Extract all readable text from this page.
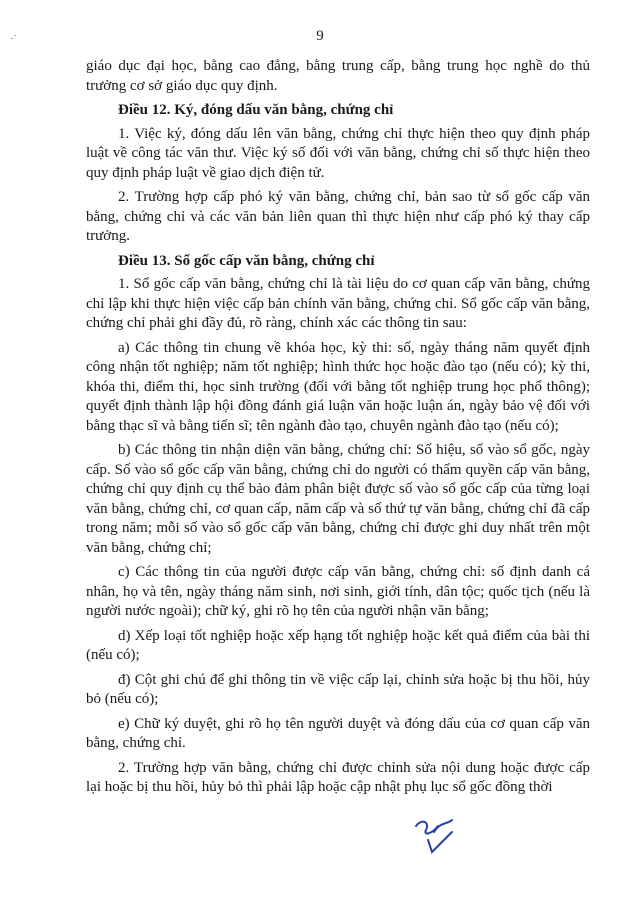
·˙	9

giáo dục đại học, bằng cao đẳng, bằng trung cấp, bằng trung học nghề do thủ trưởng cơ sở giáo dục quy định.

Điều 12. Ký, đóng dấu văn bằng, chứng chỉ

1. Việc ký, đóng dấu lên văn bằng, chứng chỉ thực hiện theo quy định pháp luật về công tác văn thư. Việc ký số đối với văn bằng, chứng chỉ số thực hiện theo quy định pháp luật về giao dịch điện tử.

2. Trường hợp cấp phó ký văn bằng, chứng chỉ, bản sao từ sổ gốc cấp văn bằng, chứng chỉ và các văn bản liên quan thì thực hiện như cấp phó ký thay cấp trưởng.

Điều 13. Sổ gốc cấp văn bằng, chứng chỉ

1. Sổ gốc cấp văn bằng, chứng chỉ là tài liệu do cơ quan cấp văn bằng, chứng chỉ lập khi thực hiện việc cấp bản chính văn bằng, chứng chỉ. Sổ gốc cấp văn bằng, chứng chỉ phải ghi đầy đủ, rõ ràng, chính xác các thông tin sau:

a) Các thông tin chung về khóa học, kỳ thi: số, ngày tháng năm quyết định công nhận tốt nghiệp; năm tốt nghiệp; hình thức học hoặc đào tạo (nếu có); kỳ thi, khóa thi, điểm thi, học sinh trường (đối với bằng tốt nghiệp trung học phổ thông); quyết định thành lập hội đồng đánh giá luận văn hoặc luận án, ngày bảo vệ đối với bằng thạc sĩ và bằng tiến sĩ; tên ngành đào tạo, chuyên ngành đào tạo (nếu có);

b) Các thông tin nhận diện văn bằng, chứng chỉ: Số hiệu, số vào sổ gốc, ngày cấp. Số vào sổ gốc cấp văn bằng, chứng chỉ do người có thẩm quyền cấp văn bằng, chứng chỉ quy định cụ thể bảo đảm phân biệt được số vào sổ gốc cấp của từng loại văn bằng, chứng chỉ, cơ quan cấp, năm cấp và số thứ tự văn bằng, chứng chỉ đã cấp trong năm; mỗi số vào sổ gốc cấp văn bằng, chứng chỉ được ghi duy nhất trên một văn bằng, chứng chỉ;

c) Các thông tin của người được cấp văn bằng, chứng chỉ: số định danh cá nhân, họ và tên, ngày tháng năm sinh, nơi sinh, giới tính, dân tộc; quốc tịch (nếu là người nước ngoài); chữ ký, ghi rõ họ tên của người nhận văn bằng;

d) Xếp loại tốt nghiệp hoặc xếp hạng tốt nghiệp hoặc kết quả điểm của bài thi (nếu có);

đ) Cột ghi chú để ghi thông tin về việc cấp lại, chỉnh sửa hoặc bị thu hồi, hủy bỏ (nếu có);

e) Chữ ký duyệt, ghi rõ họ tên người duyệt và đóng dấu của cơ quan cấp văn bằng, chứng chỉ.

2. Trường hợp văn bằng, chứng chỉ được chỉnh sửa nội dung hoặc được cấp lại hoặc bị thu hồi, hủy bỏ thì phải lập hoặc cập nhật phụ lục sổ gốc đồng thời
